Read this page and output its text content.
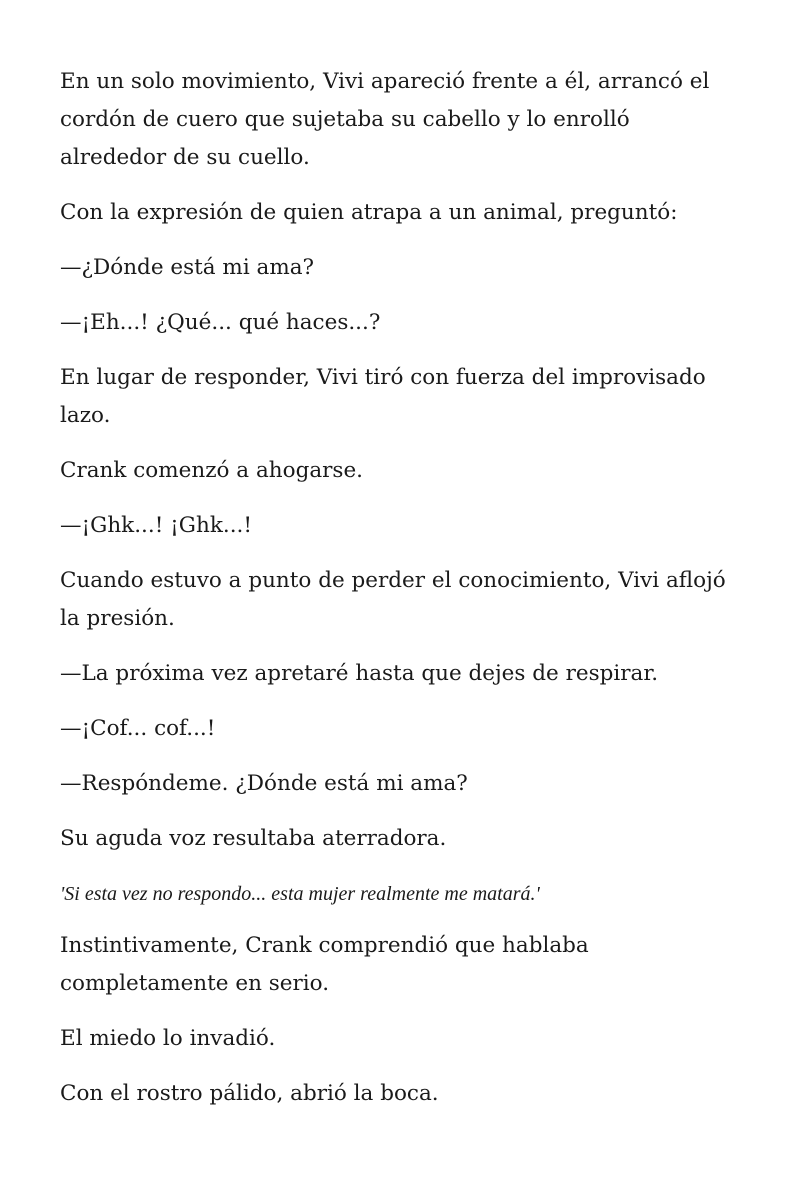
En un solo movimiento, Vivi apareció frente a él, arrancó el cordón de cuero que sujetaba su cabello y lo enrolló alrededor de su cuello.

Con la expresión de quien atrapa a un animal, preguntó:

—¿Dónde está mi ama?

—¡Eh...! ¿Qué... qué haces...?

En lugar de responder, Vivi tiró con fuerza del improvisado lazo.

Crank comenzó a ahogarse.

—¡Ghk...! ¡Ghk...!

Cuando estuvo a punto de perder el conocimiento, Vivi aflojó la presión.

—La próxima vez apretaré hasta que dejes de respirar.

—¡Cof... cof...!

—Respóndeme. ¿Dónde está mi ama?

Su aguda voz resultaba aterradora.

'Si esta vez no respondo... esta mujer realmente me matará.'

Instintivamente, Crank comprendió que hablaba completamente en serio.

El miedo lo invadió.

Con el rostro pálido, abrió la boca.
